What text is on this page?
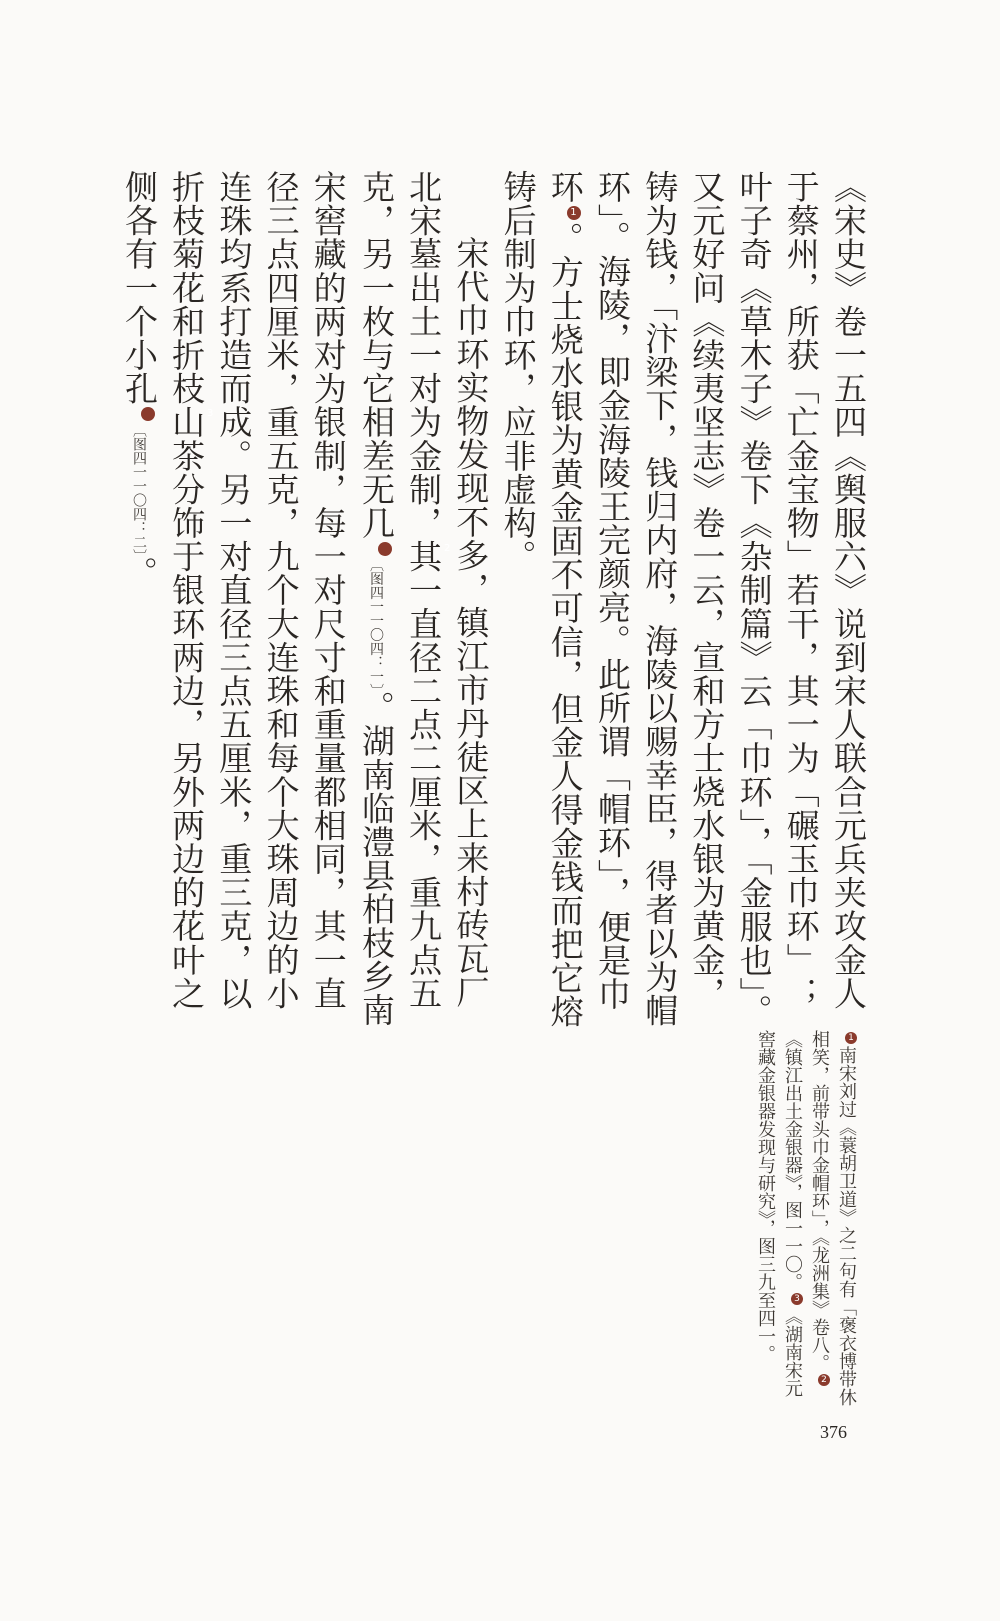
《宋史》卷一五四《舆服六》说到宋人联合元兵夹攻金人于蔡州，所获「亡金宝物」若干，其一为「碾玉巾环」；叶子奇《草木子》卷下《杂制篇》云「巾环」，「金服也」。又元好问《续夷坚志》卷一云，宣和方士烧水银为黄金，铸为钱，「汴梁下，钱归内府，海陵以赐幸臣，得者以为帽环」。海陵，即金海陵王完颜亮。此所谓「帽环」，便是巾环1。方士烧水银为黄金固不可信，但金人得金钱而把它熔铸后制为巾环，应非虚构。

宋代巾环实物发现不多，镇江市丹徒区上来村砖瓦厂北宋墓出土一对为金制，其一直径二点二厘米，重九点五克，另一枚与它相差无几2〔图四一一〇四：一〕。湖南临澧县柏枝乡南宋窖藏的两对为银制，每一对尺寸和重量都相同，其一直径三点四厘米，重五克，九个大连珠和每个大珠周边的小连珠均系打造而成。另一对直径三点五厘米，重三克，以折枝菊花和折枝山茶分饰于银环两边，另外两边的花叶之侧各有一个小孔3〔图四一一〇四：二〕。

1南宋刘过《蓑胡卫道》之二句有「褒衣博带休相笑，前带头巾金帽环」，《龙洲集》卷八。2《镇江出土金银器》，图一一〇。3《湖南宋元窖藏金银器发现与研究》，图三九至四一。

376
